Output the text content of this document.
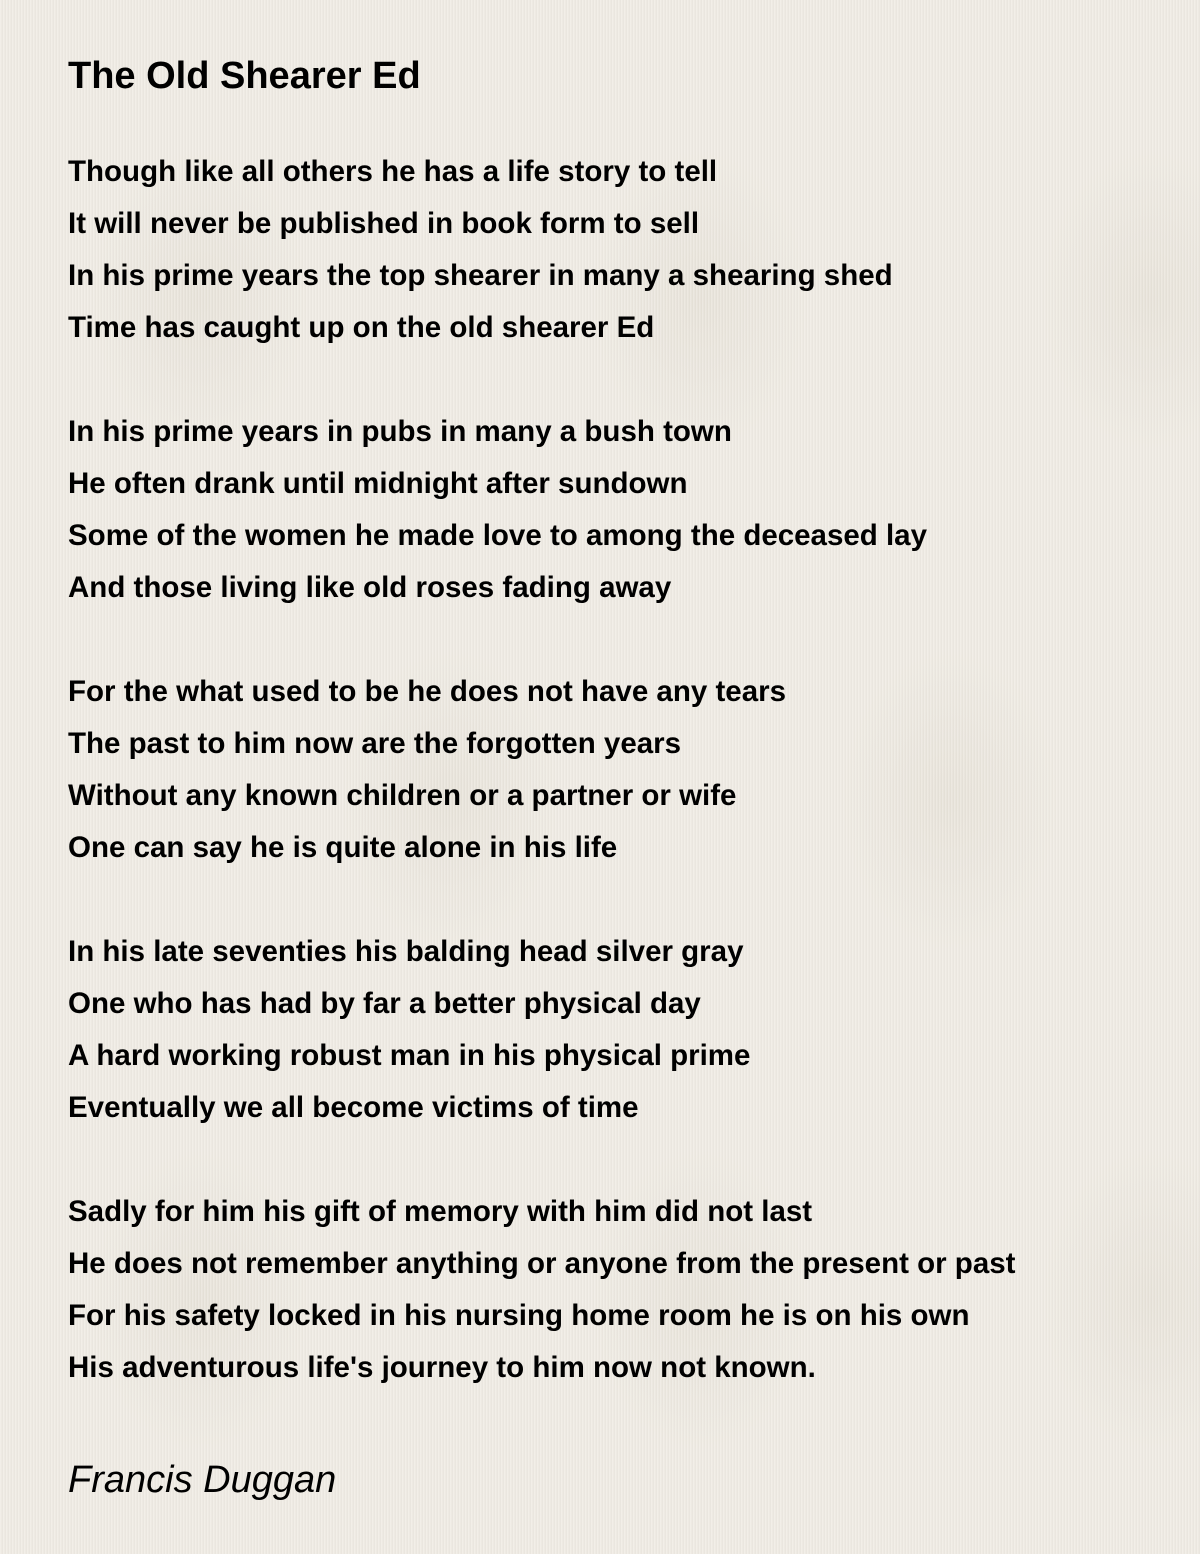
The Old Shearer Ed
Though like all others he has a life story to tell
It will never be published in book form to sell
In his prime years the top shearer in many a shearing shed
Time has caught up on the old shearer Ed
In his prime years in pubs in many a bush town
He often drank until midnight after sundown
Some of the women he made love to among the deceased lay
And those living like old roses fading away
For the what used to be he does not have any tears
The past to him now are the forgotten years
Without any known children or a partner or wife
One can say he is quite alone in his life
In his late seventies his balding head silver gray
One who has had by far a better physical day
A hard working robust man in his physical prime
Eventually we all become victims of time
Sadly for him his gift of memory with him did not last
He does not remember anything or anyone from the present or past
For his safety locked in his nursing home room he is on his own
His adventurous life's journey to him now not known.
Francis Duggan
